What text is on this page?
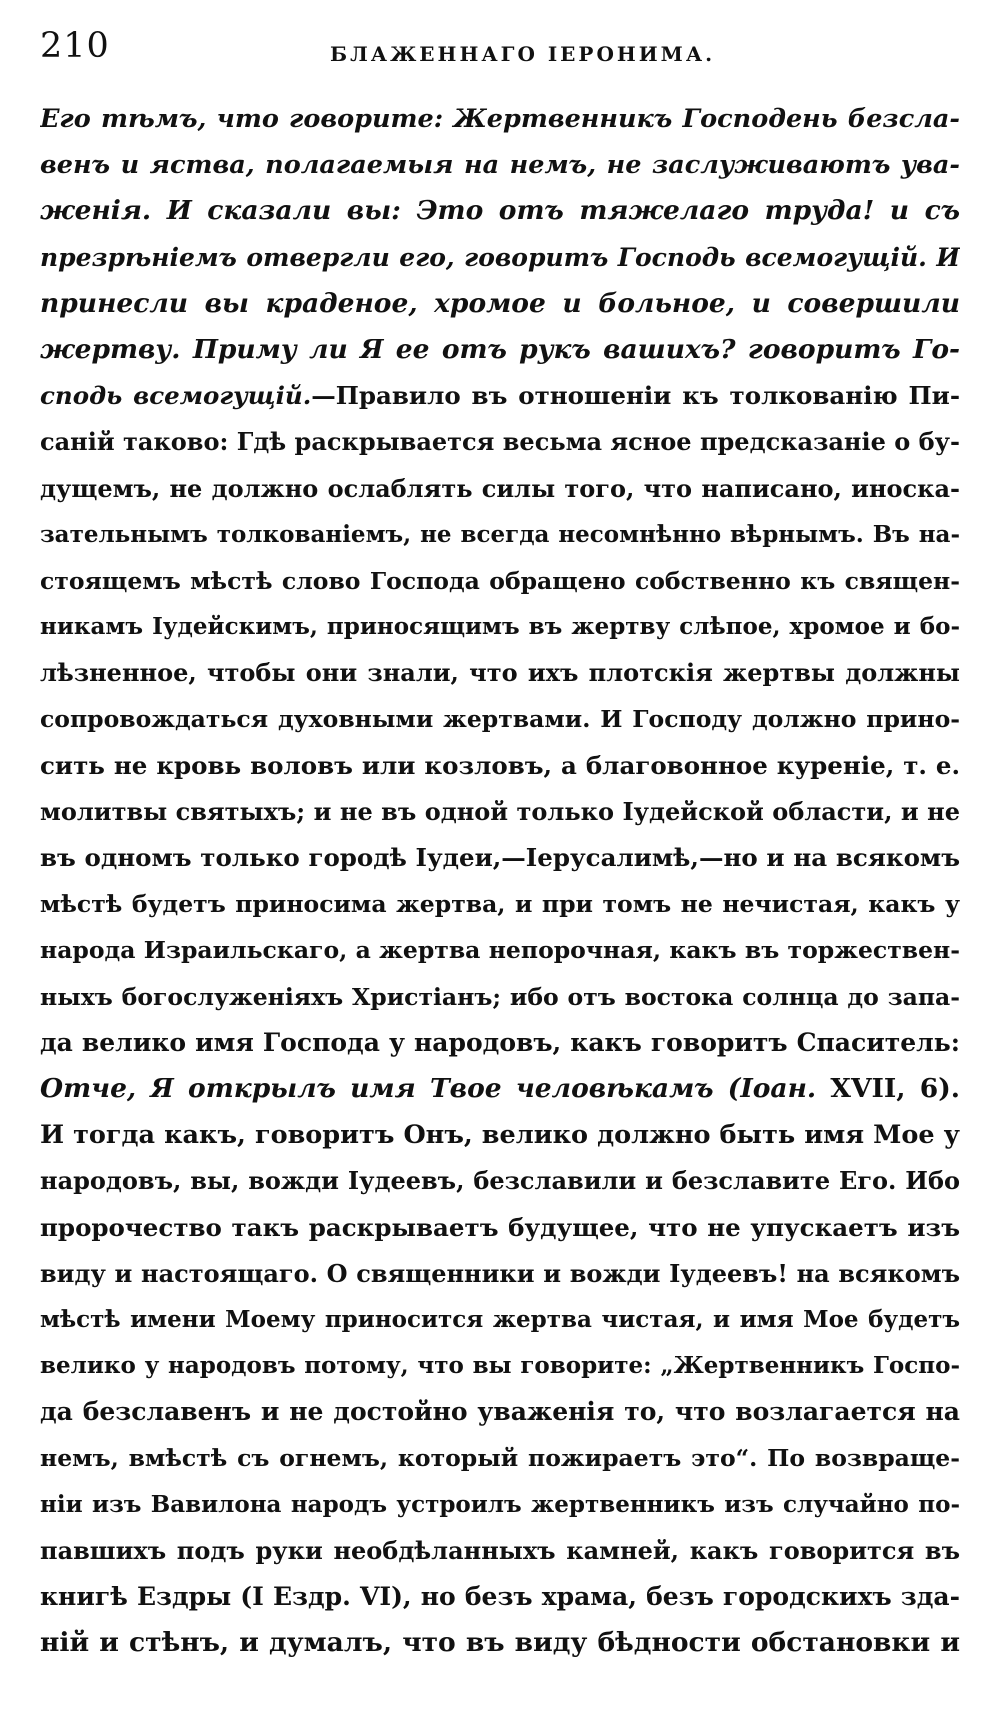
210	БЛАЖЕННАГО ІЕРОНИМА.
Его тѣмъ, что говорите: Жертвенникъ Господень безсла-
венъ и яства, полагаемыя на немъ, не заслуживаютъ ува-
женія. И сказали вы: Это отъ тяжелаго труда! и съ
презрѣніемъ отвергли его, говоритъ Господь всемогущій. И
принесли вы краденое, хромое и больное, и совершили
жертву. Приму ли Я ее отъ рукъ вашихъ? говоритъ Го-
сподь всемогущій.—Правило въ отношеніи къ толкованію Пи-
саній таково: Гдѣ раскрывается весьма ясное предсказаніе о бу-
дущемъ, не должно ослаблять силы того, что написано, иноска-
зательнымъ толкованіемъ, не всегда несомнѣнно вѣрнымъ. Въ на-
стоящемъ мѣстѣ слово Господа обращено собственно къ священ-
никамъ Іудейскимъ, приносящимъ въ жертву слѣпое, хромое и бо-
лѣзненное, чтобы они знали, что ихъ плотскія жертвы должны
сопровождаться духовными жертвами. И Господу должно прино-
сить не кровь воловъ или козловъ, а благовонное куреніе, т. е.
молитвы святыхъ; и не въ одной только Іудейской области, и не
въ одномъ только городѣ Іудеи,—Іерусалимѣ,—но и на всякомъ
мѣстѣ будетъ приносима жертва, и при томъ не нечистая, какъ у
народа Израильскаго, а жертва непорочная, какъ въ торжествен-
ныхъ богослуженіяхъ Христіанъ; ибо отъ востока солнца до запа-
да велико имя Господа у народовъ, какъ говоритъ Спаситель:
Отче, Я открылъ имя Твое человѣкамъ (Іоан. XVII, 6).
И тогда какъ, говоритъ Онъ, велико должно быть имя Мое у
народовъ, вы, вожди Іудеевъ, безславили и безславите Его. Ибо
пророчество такъ раскрываетъ будущее, что не упускаетъ изъ
виду и настоящаго. О священники и вожди Іудеевъ! на всякомъ
мѣстѣ имени Моему приносится жертва чистая, и имя Мое будетъ
велико у народовъ потому, что вы говорите: „Жертвенникъ Госпо-
да безславенъ и не достойно уваженія то, что возлагается на
немъ, вмѣстѣ съ огнемъ, который пожираетъ это“. По возвраще-
ніи изъ Вавилона народъ устроилъ жертвенникъ изъ случайно по-
павшихъ подъ руки необдѣланныхъ камней, какъ говорится въ
книгѣ Ездры (I Ездр. VI), но безъ храма, безъ городскихъ зда-
ній и стѣнъ, и думалъ, что въ виду бѣдности обстановки и
